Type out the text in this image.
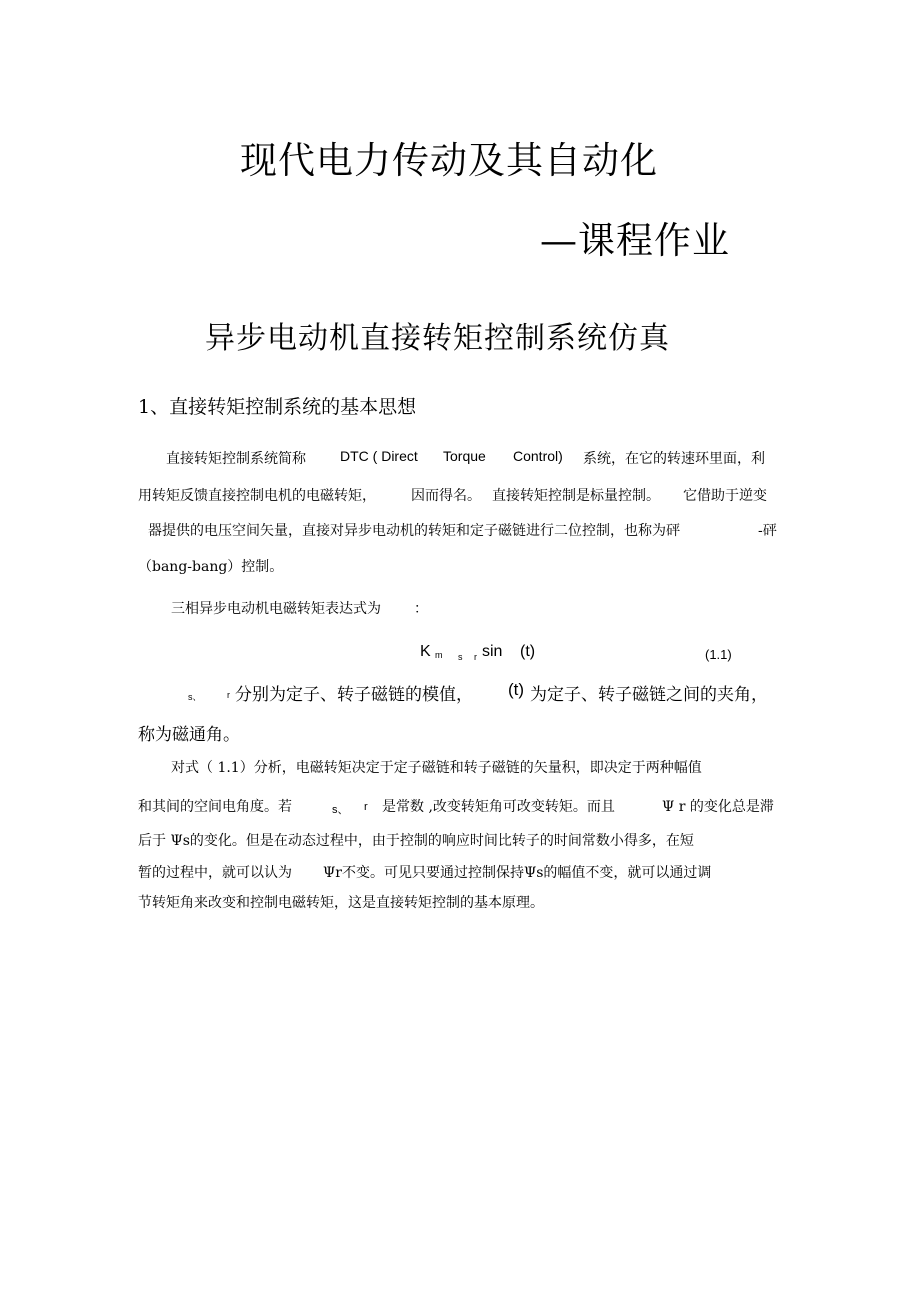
现代电力传动及其自动化
—课程作业
异步电动机直接转矩控制系统仿真
1、直接转矩控制系统的基本思想
直接转矩控制系统简称 DTC ( Direct Torque Control) 系统，在它的转速环里面，利
用转矩反馈直接控制电机的电磁转矩，	因而得名。 直接转矩控制是标量控制。 它借助于逆变
器提供的电压空间矢量，直接对异步电动机的转矩和定子磁链进行二位控制，也称为砰	-砰
（bang-bang）控制。
三相异步电动机电磁转矩表达式为 ：
K m s r sin (t)	(1.1)
s、	r 分别为定子、转子磁链的模值， (t) 为定子、转子磁链之间的夹角，
称为磁通角。
对式（ 1.1）分析，电磁转矩决定于定子磁链和转子磁链的矢量积，即决定于两种幅值
和其间的空间电角度。若	s、 r 是常数 ,改变转矩角可改变转矩。而且	Ψ r 的变化总是滞
后于 Ψs的变化。但是在动态过程中，由于控制的响应时间比转子的时间常数小得多，在短
暂的过程中，就可以认为 Ψr不变。可见只要通过控制保持Ψs的幅值不变，就可以通过调
节转矩角来改变和控制电磁转矩，这是直接转矩控制的基本原理。
